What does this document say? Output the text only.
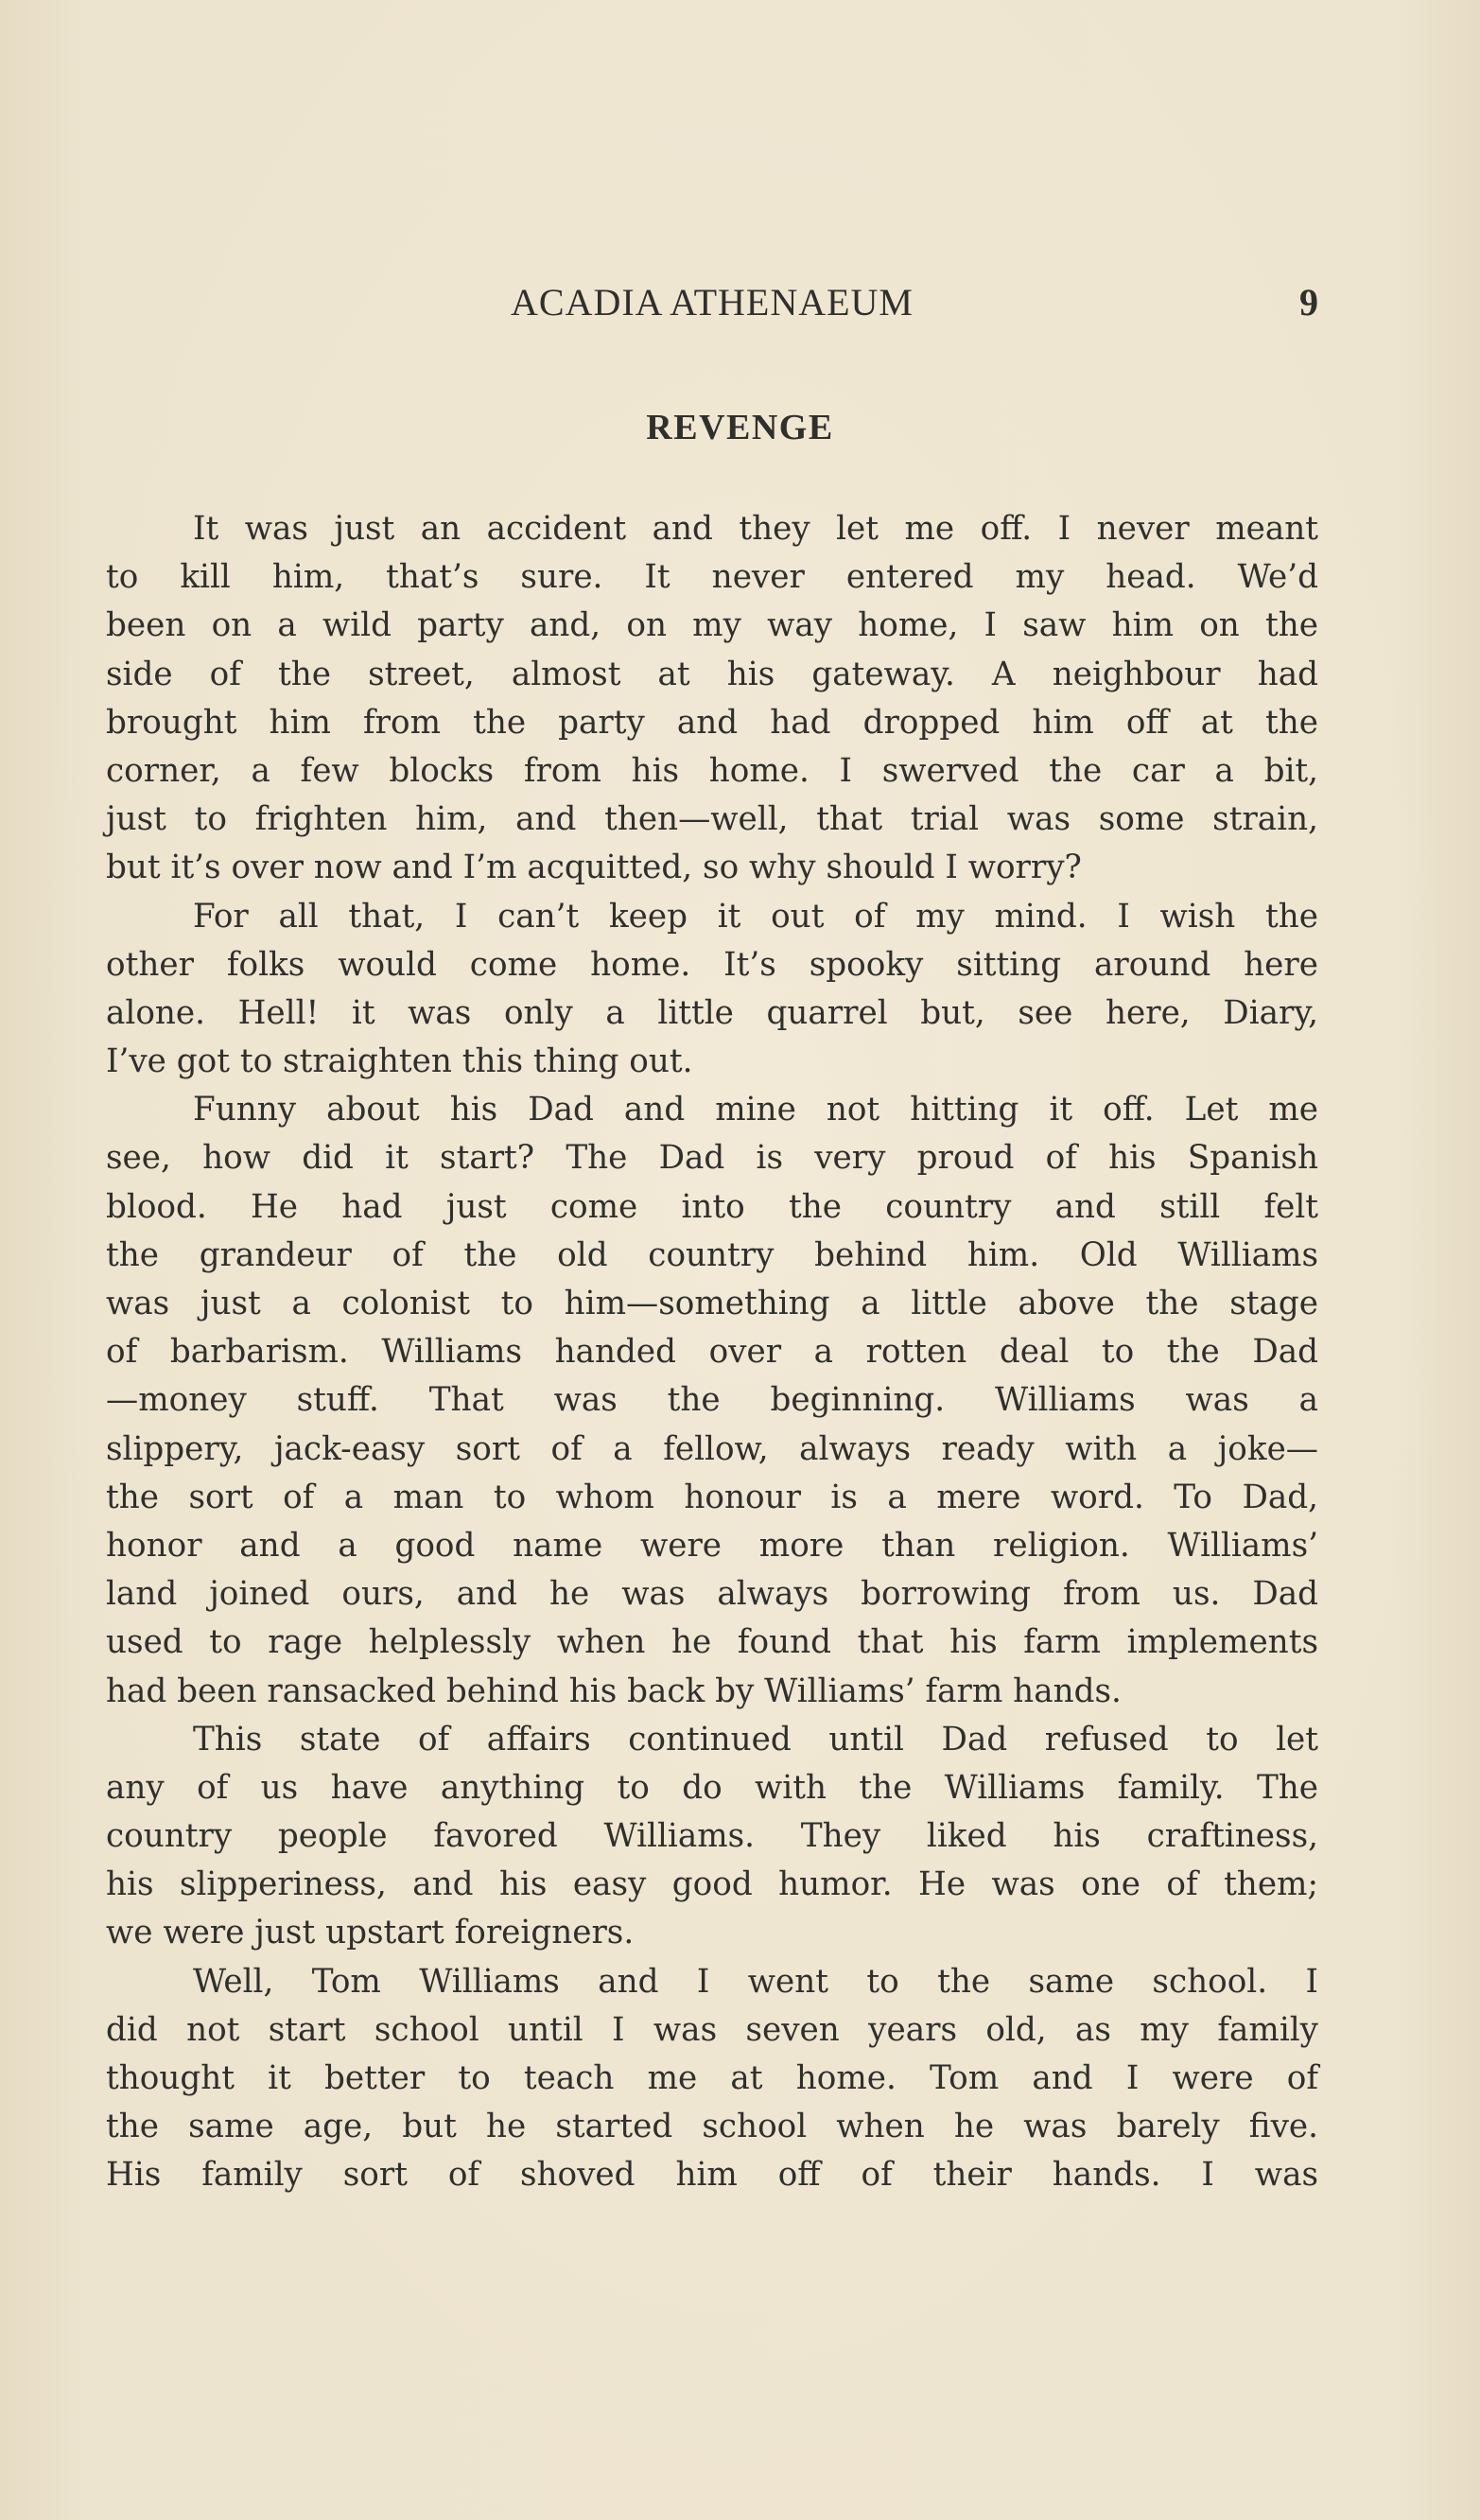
ACADIA ATHENAEUM	9
REVENGE
It was just an accident and they let me off. I never meant
to kill him, that’s sure. It never entered my head. We’d
been on a wild party and, on my way home, I saw him on the
side of the street, almost at his gateway. A neighbour had
brought him from the party and had dropped him off at the
corner, a few blocks from his home. I swerved the car a bit,
just to frighten him, and then—well, that trial was some strain,
but it’s over now and I’m acquitted, so why should I worry?
For all that, I can’t keep it out of my mind. I wish the
other folks would come home. It’s spooky sitting around here
alone. Hell! it was only a little quarrel but, see here, Diary,
I’ve got to straighten this thing out.
Funny about his Dad and mine not hitting it off. Let me
see, how did it start? The Dad is very proud of his Spanish
blood. He had just come into the country and still felt
the grandeur of the old country behind him. Old Williams
was just a colonist to him—something a little above the stage
of barbarism. Williams handed over a rotten deal to the Dad
—money stuff. That was the beginning. Williams was a
slippery, jack-easy sort of a fellow, always ready with a joke—
the sort of a man to whom honour is a mere word. To Dad,
honor and a good name were more than religion. Williams’
land joined ours, and he was always borrowing from us. Dad
used to rage helplessly when he found that his farm implements
had been ransacked behind his back by Williams’ farm hands.
This state of affairs continued until Dad refused to let
any of us have anything to do with the Williams family. The
country people favored Williams. They liked his craftiness,
his slipperiness, and his easy good humor. He was one of them;
we were just upstart foreigners.
Well, Tom Williams and I went to the same school. I
did not start school until I was seven years old, as my family
thought it better to teach me at home. Tom and I were of
the same age, but he started school when he was barely five.
His family sort of shoved him off of their hands. I was
